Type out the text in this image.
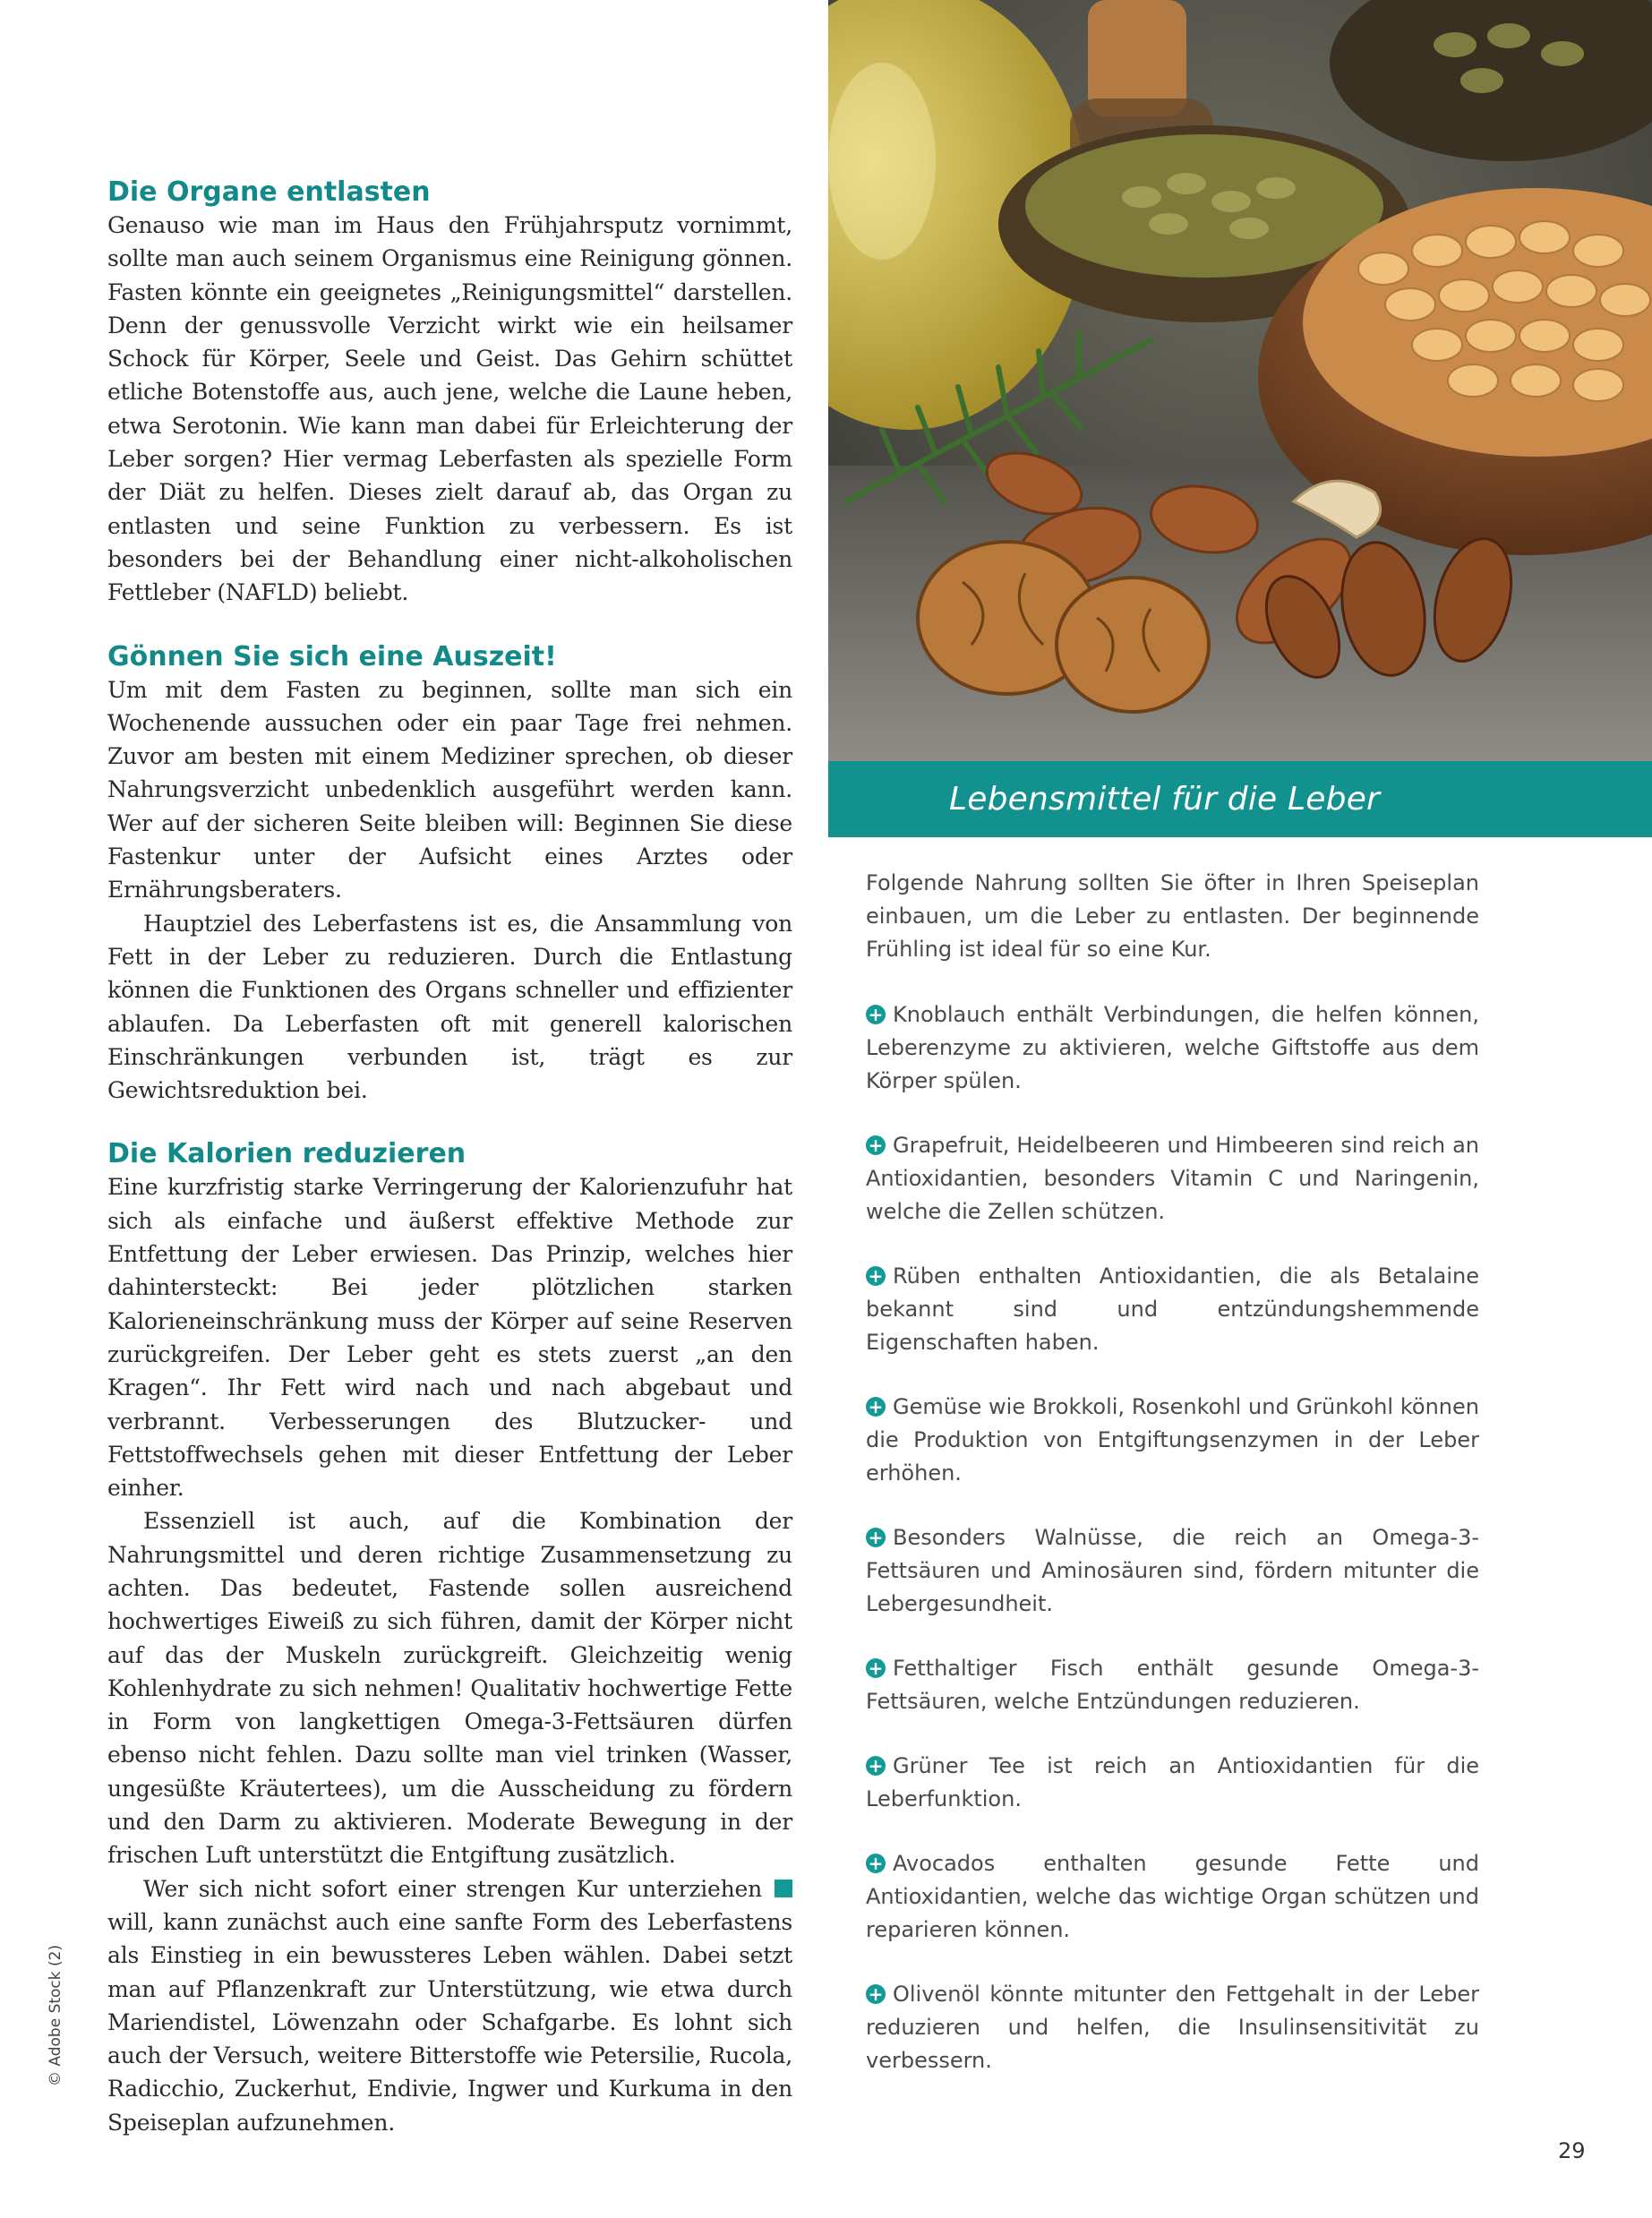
Die Organe entlasten

Genauso wie man im Haus den Frühjahrsputz vornimmt, sollte man auch seinem Organismus eine Reinigung gönnen. Fasten könnte ein geeignetes „Reinigungsmittel“ darstellen. Denn der genussvolle Verzicht wirkt wie ein heilsamer Schock für Körper, Seele und Geist. Das Gehirn schüttet etliche Botenstoffe aus, auch jene, welche die Laune heben, etwa Serotonin. Wie kann man dabei für Erleichterung der Leber sorgen? Hier vermag Leberfasten als spezielle Form der Diät zu helfen. Dieses zielt darauf ab, das Organ zu entlasten und seine Funktion zu verbessern. Es ist besonders bei der Behandlung einer nicht-alkoholischen Fettleber (NAFLD) beliebt.

Gönnen Sie sich eine Auszeit!

Um mit dem Fasten zu beginnen, sollte man sich ein Wochenende aussuchen oder ein paar Tage frei nehmen. Zuvor am besten mit einem Mediziner sprechen, ob dieser Nahrungsverzicht unbedenklich ausgeführt werden kann. Wer auf der sicheren Seite bleiben will: Beginnen Sie diese Fastenkur unter der Aufsicht eines Arztes oder Ernährungsberaters.

Hauptziel des Leberfastens ist es, die Ansammlung von Fett in der Leber zu reduzieren. Durch die Entlastung können die Funktionen des Organs schneller und effizienter ablaufen. Da Leberfasten oft mit generell kalorischen Einschränkungen verbunden ist, trägt es zur Gewichtsreduktion bei.

Die Kalorien reduzieren

Eine kurzfristig starke Verringerung der Kalorienzufuhr hat sich als einfache und äußerst effektive Methode zur Entfettung der Leber erwiesen. Das Prinzip, welches hier dahintersteckt: Bei jeder plötzlichen starken Kalorieneinschränkung muss der Körper auf seine Reserven zurückgreifen. Der Leber geht es stets zuerst „an den Kragen“. Ihr Fett wird nach und nach abgebaut und verbrannt. Verbesserungen des Blutzucker- und Fettstoffwechsels gehen mit dieser Entfettung der Leber einher.

Essenziell ist auch, auf die Kombination der Nahrungsmittel und deren richtige Zusammensetzung zu achten. Das bedeutet, Fastende sollen ausreichend hochwertiges Eiweiß zu sich führen, damit der Körper nicht auf das der Muskeln zurückgreift. Gleichzeitig wenig Kohlenhydrate zu sich nehmen! Qualitativ hochwertige Fette in Form von langkettigen Omega-3-Fettsäuren dürfen ebenso nicht fehlen. Dazu sollte man viel trinken (Wasser, ungesüßte Kräutertees), um die Ausscheidung zu fördern und den Darm zu aktivieren. Moderate Bewegung in der frischen Luft unterstützt die Entgiftung zusätzlich.

Wer sich nicht sofort einer strengen Kur unterziehen will, kann zunächst auch eine sanfte Form des Leberfastens als Einstieg in ein bewussteres Leben wählen. Dabei setzt man auf Pflanzenkraft zur Unterstützung, wie etwa durch Mariendistel, Löwenzahn oder Schafgarbe. Es lohnt sich auch der Versuch, weitere Bitterstoffe wie Petersilie, Rucola, Radicchio, Zuckerhut, Endivie, Ingwer und Kurkuma in den Speiseplan aufzunehmen.

Lebensmittel für die Leber

Folgende Nahrung sollten Sie öfter in Ihren Speiseplan einbauen, um die Leber zu entlasten. Der beginnende Frühling ist ideal für so eine Kur.

+ Knoblauch enthält Verbindungen, die helfen können, Leberenzyme zu aktivieren, welche Giftstoffe aus dem Körper spülen.

+ Grapefruit, Heidelbeeren und Himbeeren sind reich an Antioxidantien, besonders Vitamin C und Naringenin, welche die Zellen schützen.

+ Rüben enthalten Antioxidantien, die als Betalaine bekannt sind und entzündungshemmende Eigenschaften haben.

+ Gemüse wie Brokkoli, Rosenkohl und Grünkohl können die Produktion von Entgiftungsenzymen in der Leber erhöhen.

+ Besonders Walnüsse, die reich an Omega-3-Fettsäuren und Aminosäuren sind, fördern mitunter die Lebergesundheit.

+ Fetthaltiger Fisch enthält gesunde Omega-3-Fettsäuren, welche Entzündungen reduzieren.

+ Grüner Tee ist reich an Antioxidantien für die Leberfunktion.

+ Avocados enthalten gesunde Fette und Antioxidantien, welche das wichtige Organ schützen und reparieren können.

+ Olivenöl könnte mitunter den Fettgehalt in der Leber reduzieren und helfen, die Insulinsensitivität zu verbessern.

© Adobe Stock (2)
29
